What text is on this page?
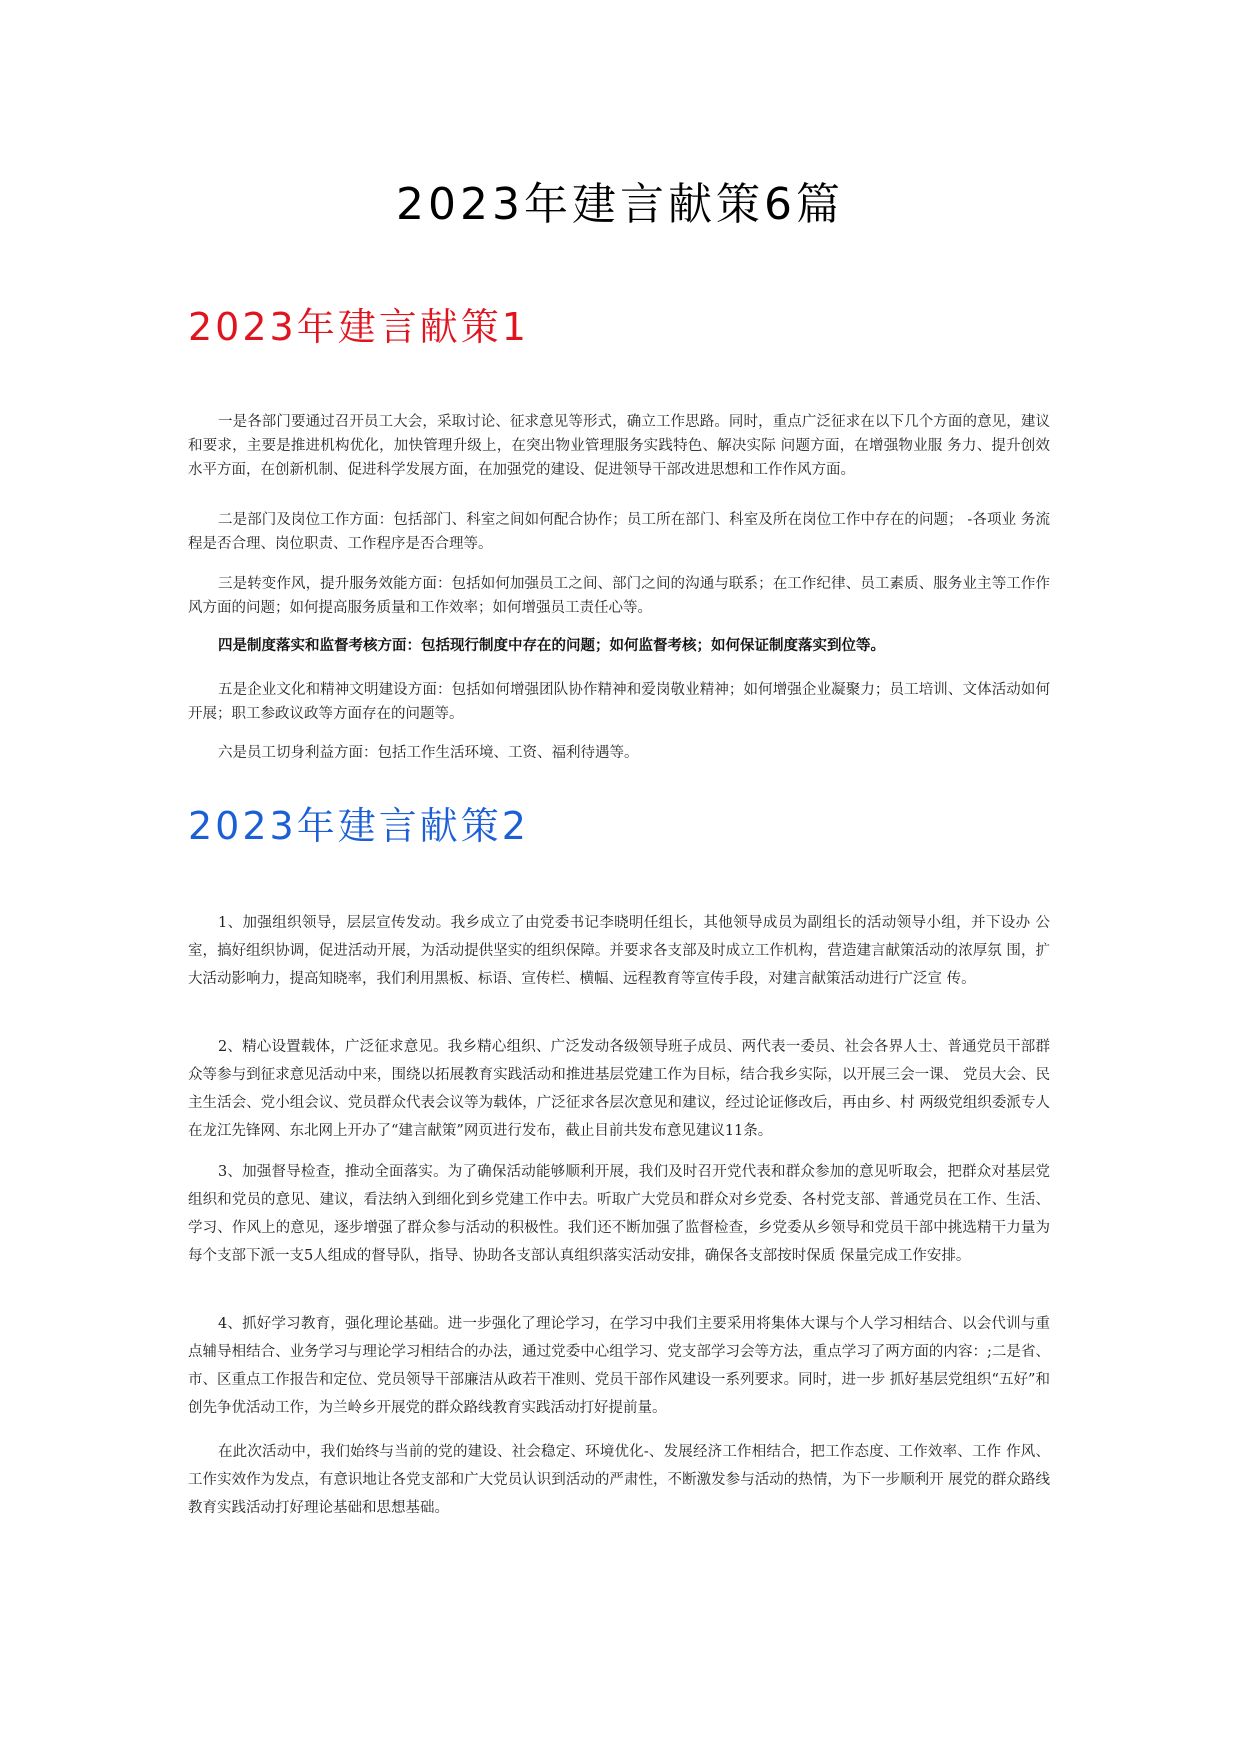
2023年建言献策6篇
2023年建言献策1

一是各部门要通过召开员工大会，采取讨论、征求意见等形式，确立工作思路。同时，重点广泛征求在以下几个方面的意见，建议和要求，主要是推进机构优化，加快管理升级上，在突出物业管理服务实践特色、解决实际 问题方面，在增强物业服 务力、提升创效水平方面，在创新机制、促进科学发展方面，在加强党的建设、促进领导干部改进思想和工作作风方面。

二是部门及岗位工作方面：包括部门、科室之间如何配合协作；员工所在部门、科室及所在岗位工作中存在的问题； -各项业 务流程是否合理、岗位职责、工作程序是否合理等。

三是转变作风，提升服务效能方面：包括如何加强员工之间、部门之间的沟通与联系；在工作纪律、员工素质、服务业主等工作作风方面的问题；如何提高服务质量和工作效率；如何增强员工责任心等。

四是制度落实和监督考核方面：包括现行制度中存在的问题；如何监督考核；如何保证制度落实到位等。

五是企业文化和精神文明建设方面：包括如何增强团队协作精神和爱岗敬业精神；如何增强企业凝聚力；员工培训、文体活动如何开展；职工参政议政等方面存在的问题等。

六是员工切身利益方面：包括工作生活环境、工资、福利待遇等。

2023年建言献策2

1、加强组织领导，层层宣传发动。我乡成立了由党委书记李晓明任组长，其他领导成员为副组长的活动领导小组，并下设办 公室，搞好组织协调，促进活动开展，为活动提供坚实的组织保障。并要求各支部及时成立工作机构，营造建言献策活动的浓厚氛 围，扩大活动影响力，提高知晓率，我们利用黑板、标语、宣传栏、横幅、远程教育等宣传手段，对建言献策活动进行广泛宣 传。

2、精心设置载体，广泛征求意见。我乡精心组织、广泛发动各级领导班子成员、两代表一委员、社会各界人士、普通党员干部群众等参与到征求意见活动中来，围绕以拓展教育实践活动和推进基层党建工作为目标，结合我乡实际，以开展三会一课、 党员大会、民主生活会、党小组会议、党员群众代表会议等为载体，广泛征求各层次意见和建议，经过论证修改后，再由乡、村 两级党组织委派专人在龙江先锋网、东北网上开办了“建言献策”网页进行发布，截止目前共发布意见建议11条。

3、加强督导检查，推动全面落实。为了确保活动能够顺利开展，我们及时召开党代表和群众参加的意见听取会，把群众对基层党组织和党员的意见、建议，看法纳入到细化到乡党建工作中去。听取广大党员和群众对乡党委、各村党支部、普通党员在工作、生活、学习、作风上的意见，逐步增强了群众参与活动的积极性。我们还不断加强了监督检查，乡党委从乡领导和党员干部中挑选精干力量为每个支部下派一支5人组成的督导队，指导、协助各支部认真组织落实活动安排，确保各支部按时保质 保量完成工作安排。

4、抓好学习教育，强化理论基础。进一步强化了理论学习，在学习中我们主要采用将集体大课与个人学习相结合、以会代训与重点辅导相结合、业务学习与理论学习相结合的办法，通过党委中心组学习、党支部学习会等方法，重点学习了两方面的内容：;二是省、市、区重点工作报告和定位、党员领导干部廉洁从政若干准则、党员干部作风建设一系列要求。同时，进一步 抓好基层党组织“五好”和创先争优活动工作，为兰岭乡开展党的群众路线教育实践活动打好提前量。

在此次活动中，我们始终与当前的党的建设、社会稳定、环境优化-、发展经济工作相结合，把工作态度、工作效率、工作 作风、工作实效作为发点，有意识地让各党支部和广大党员认识到活动的严肃性，不断激发参与活动的热情，为下一步顺利开 展党的群众路线教育实践活动打好理论基础和思想基础。
